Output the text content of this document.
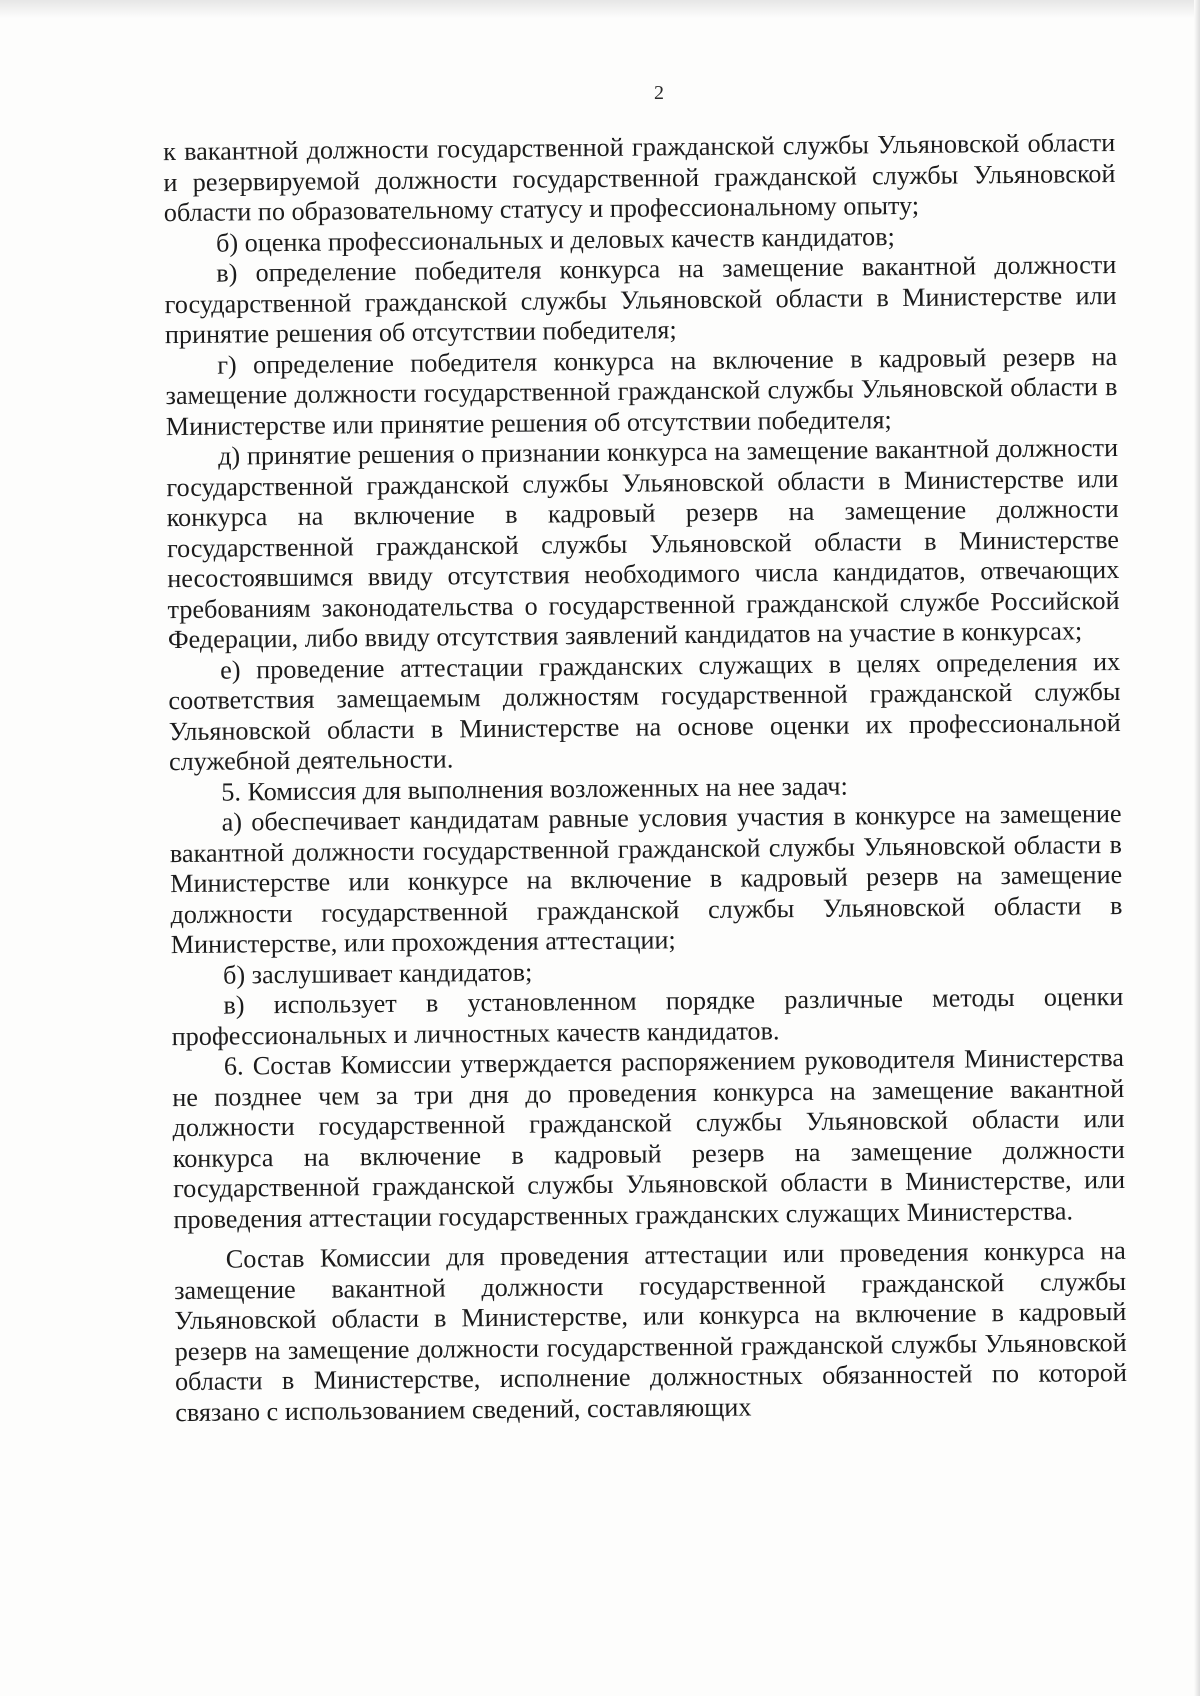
2

к вакантной должности государственной гражданской службы Ульяновской области и резервируемой должности государственной гражданской службы Ульяновской области по образовательному статусу и профессиональному опыту;

б) оценка профессиональных и деловых качеств кандидатов;

в) определение победителя конкурса на замещение вакантной должности государственной гражданской службы Ульяновской области в Министерстве или принятие решения об отсутствии победителя;

г) определение победителя конкурса на включение в кадровый резерв на замещение должности государственной гражданской службы Ульяновской области в Министерстве или принятие решения об отсутствии победителя;

д) принятие решения о признании конкурса на замещение вакантной должности государственной гражданской службы Ульяновской области в Министерстве или конкурса на включение в кадровый резерв на замещение должности государственной гражданской службы Ульяновской области в Министерстве несостоявшимся ввиду отсутствия необходимого числа кандидатов, отвечающих требованиям законодательства о государственной гражданской службе Российской Федерации, либо ввиду отсутствия заявлений кандидатов на участие в конкурсах;

е) проведение аттестации гражданских служащих в целях определения их соответствия замещаемым должностям государственной гражданской службы Ульяновской области в Министерстве на основе оценки их профессиональной служебной деятельности.

5. Комиссия для выполнения возложенных на нее задач:

а) обеспечивает кандидатам равные условия участия в конкурсе на замещение вакантной должности государственной гражданской службы Ульяновской области в Министерстве или конкурсе на включение в кадровый резерв на замещение должности государственной гражданской службы Ульяновской области в Министерстве, или прохождения аттестации;

б) заслушивает кандидатов;

в) использует в установленном порядке различные методы оценки профессиональных и личностных качеств кандидатов.

6. Состав Комиссии утверждается распоряжением руководителя Министерства не позднее чем за три дня до проведения конкурса на замещение вакантной должности государственной гражданской службы Ульяновской области или конкурса на включение в кадровый резерв на замещение должности государственной гражданской службы Ульяновской области в Министерстве, или проведения аттестации государственных гражданских служащих Министерства.

Состав Комиссии для проведения аттестации или проведения конкурса на замещение вакантной должности государственной гражданской службы Ульяновской области в Министерстве, или конкурса на включение в кадровый резерв на замещение должности государственной гражданской службы Ульяновской области в Министерстве, исполнение должностных обязанностей по которой связано с использованием сведений, составляющих
